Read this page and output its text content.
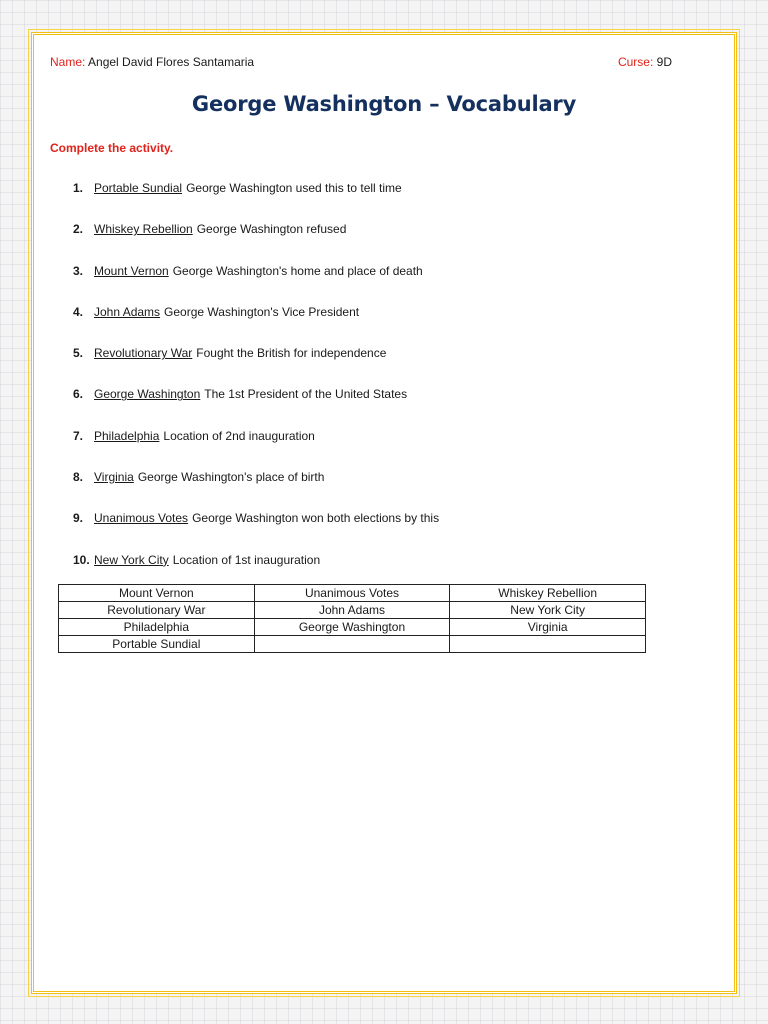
Name: Angel David Flores Santamaria	Curse: 9D
George Washington – Vocabulary
Complete the activity.
1. Portable Sundial George Washington used this to tell time
2. Whiskey Rebellion George Washington refused
3. Mount Vernon George Washington's home and place of death
4. John Adams George Washington's Vice President
5. Revolutionary War Fought the British for independence
6. George Washington The 1st President of the United States
7. Philadelphia Location of 2nd inauguration
8. Virginia George Washington's place of birth
9. Unanimous Votes George Washington won both elections by this
10. New York City Location of 1st inauguration
Mount Vernon	Unanimous Votes	Whiskey Rebellion
Revolutionary War	John Adams	New York City
Philadelphia	George Washington	Virginia
Portable Sundial		
